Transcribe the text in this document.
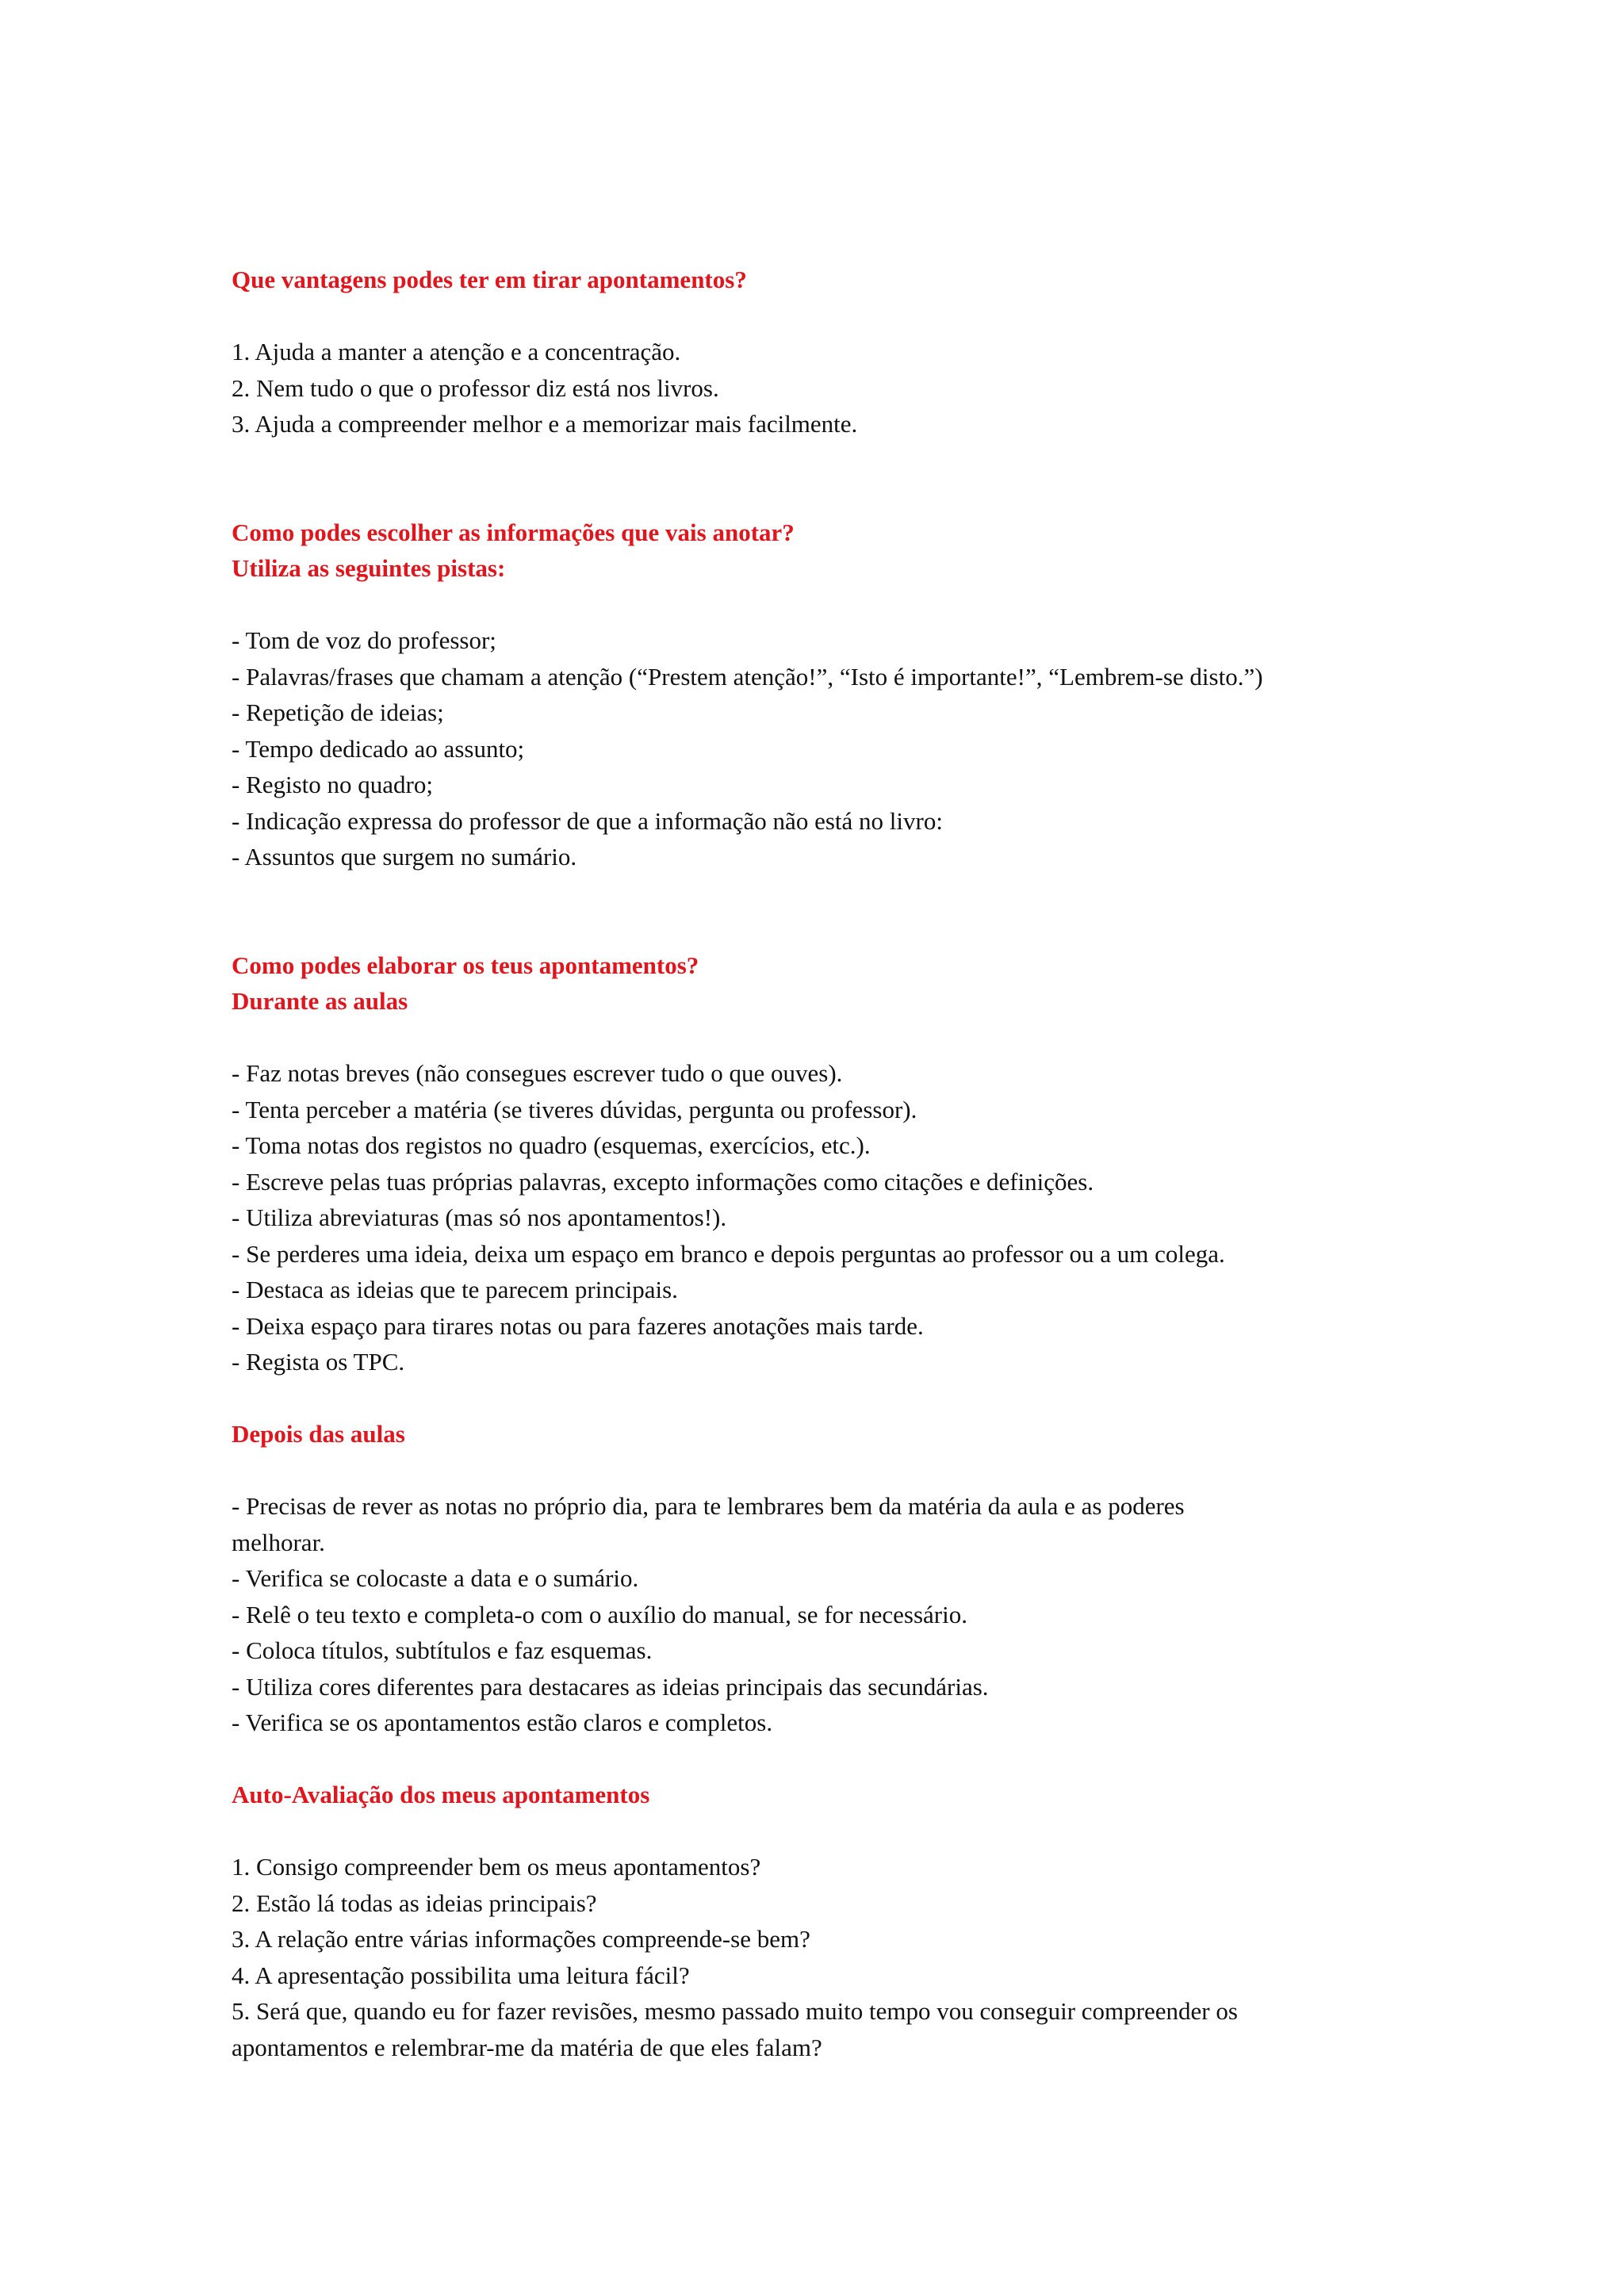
Que vantagens podes ter em tirar apontamentos?

1. Ajuda a manter a atenção e a concentração.

2. Nem tudo o que o professor diz está nos livros.

3. Ajuda a compreender melhor e a memorizar mais facilmente.

Como podes escolher as informações que vais anotar?

Utiliza as seguintes pistas:

- Tom de voz do professor;

- Palavras/frases que chamam a atenção (“Prestem atenção!”, “Isto é importante!”, “Lembrem-se disto.”)

- Repetição de ideias;

- Tempo dedicado ao assunto;

- Registo no quadro;

- Indicação expressa do professor de que a informação não está no livro:

- Assuntos que surgem no sumário.

Como podes elaborar os teus apontamentos?

Durante as aulas

- Faz notas breves (não consegues escrever tudo o que ouves).

- Tenta perceber a matéria (se tiveres dúvidas, pergunta ou professor).

- Toma notas dos registos no quadro (esquemas, exercícios, etc.).

- Escreve pelas tuas próprias palavras, excepto informações como citações e definições.

- Utiliza abreviaturas (mas só nos apontamentos!).

- Se perderes uma ideia, deixa um espaço em branco e depois perguntas ao professor ou a um colega.

- Destaca as ideias que te parecem principais.

- Deixa espaço para tirares notas ou para fazeres anotações mais tarde.

- Regista os TPC.

Depois das aulas

- Precisas de rever as notas no próprio dia, para te lembrares bem da matéria da aula e as poderes

melhorar.

- Verifica se colocaste a data e o sumário.

- Relê o teu texto e completa-o com o auxílio do manual, se for necessário.

- Coloca títulos, subtítulos e faz esquemas.

- Utiliza cores diferentes para destacares as ideias principais das secundárias.

- Verifica se os apontamentos estão claros e completos.

Auto-Avaliação dos meus apontamentos

1. Consigo compreender bem os meus apontamentos?

2. Estão lá todas as ideias principais?

3. A relação entre várias informações compreende-se bem?

4. A apresentação possibilita uma leitura fácil?

5. Será que, quando eu for fazer revisões, mesmo passado muito tempo vou conseguir compreender os

apontamentos e relembrar-me da matéria de que eles falam?
